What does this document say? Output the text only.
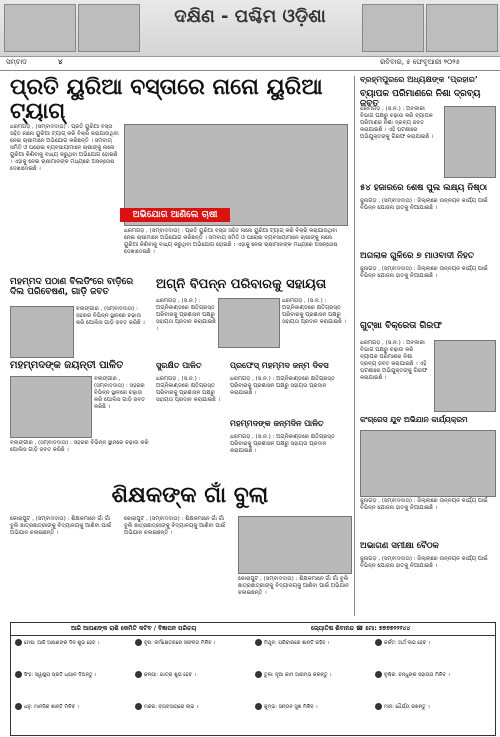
ଦକ୍ଷିଣ - ପଶ୍ଚିମ ଓଡ଼ିଶା
ସମ୍ବାଦ	୪	ରବିବାର, ୫ ଫେବୃଆରୀ ୨୦୨୫
ପ୍ରତି ୟୁରିଆ ବସ୍ତାରେ ନାନୋ ୟୁରିଆ ଟ୍ୟାଗ୍
ଧରମଗଡ଼ , (ସମ୍ବାଦଦାତା) : ପ୍ରତି ୟୁରିଆ ବସ୍ତା ସହିତ ନାନୋ ୟୁରିଆ ଟ୍ୟାଗ୍ କରି ବିକ୍ରି କରାଯାଉଥିବା ନେଇ ଚାଷୀମାନେ ଅଭିଯୋଗ କରିଛନ୍ତି । ସମବାୟ ସମିତି ଓ ଘରୋଇ ବ୍ୟବସାୟୀମାନେ ଚାଷୀଙ୍କୁ ନାନୋ ୟୁରିଆ କିଣିବାକୁ ବାଧ୍ୟ କରୁଥିବା ଅଭିଯୋଗ ହୋଇଛି । ଏହାକୁ ନେଇ ଚାଷୀମାନଙ୍କ ମଧ୍ୟରେ ଅସନ୍ତୋଷ ଦେଖାଦେଇଛି ।
ଅଭିଯୋଗ ଆଣିଲେ ଚାଷୀ
ଧରମଗଡ଼ , (ସମ୍ବାଦଦାତା) : ପ୍ରତି ୟୁରିଆ ବସ୍ତା ସହିତ ନାନୋ ୟୁରିଆ ଟ୍ୟାଗ୍ କରି ବିକ୍ରି କରାଯାଉଥିବା ନେଇ ଚାଷୀମାନେ ଅଭିଯୋଗ କରିଛନ୍ତି । ସମବାୟ ସମିତି ଓ ଘରୋଇ ବ୍ୟବସାୟୀମାନେ ଚାଷୀଙ୍କୁ ନାନୋ ୟୁରିଆ କିଣିବାକୁ ବାଧ୍ୟ କରୁଥିବା ଅଭିଯୋଗ ହୋଇଛି । ଏହାକୁ ନେଇ ଚାଷୀମାନଙ୍କ ମଧ୍ୟରେ ଅସନ୍ତୋଷ ଦେଖାଦେଇଛି ।
ବ୍ରହ୍ମପୁରରେ ଅଧ୍ୟକ୍ଷଙ୍କ ‘ପ୍ରହାର’
ବ୍ୟାପକ ପରିମାଣରେ ନିଶା ଦ୍ରବ୍ୟ ଜବତ
ଧରମଗଡ଼ , (ସ.ନ.) : ଅବକାରୀ ବିଭାଗ ପକ୍ଷରୁ ଚଢ଼ାଉ କରି ବ୍ୟାପକ ପରିମାଣର ନିଶା ଦ୍ରବ୍ୟ ଜବତ କରାଯାଇଛି । ଏହି ଘଟଣାରେ ଅଭିଯୁକ୍ତଙ୍କୁ ଗିରଫ କରାଯାଇଛି ।
୫୪ ହଜାରରେ ଶେଷ ପୁଲ ଲକ୍ଷ୍ୟ ନିଷ୍ଠା
ଜୁନାଗଡ଼ , (ସମ୍ବାଦଦାତା) : ଜିଲ୍ଲାରେ ଉନ୍ନୟନ କାର୍ଯ୍ୟ ପାଇଁ ବିଭିନ୍ନ ଯୋଜନା ହାତକୁ ନିଆଯାଇଛି ।
ଅଗଲାକ ଗୁଳିରେ ୭ ମାଓବାଦୀ ନିହତ
ଜୁନାଗଡ଼ , (ସମ୍ବାଦଦାତା) : ଜିଲ୍ଲାରେ ଉନ୍ନୟନ କାର୍ଯ୍ୟ ପାଇଁ ବିଭିନ୍ନ ଯୋଜନା ହାତକୁ ନିଆଯାଇଛି ।
ଗୁଟ୍ଖା ବିକ୍ରେତା ଗିରଫ
ଧରମଗଡ଼ , (ସ.ନ.) : ଅବକାରୀ ବିଭାଗ ପକ୍ଷରୁ ଚଢ଼ାଉ କରି ବ୍ୟାପକ ପରିମାଣର ନିଶା ଦ୍ରବ୍ୟ ଜବତ କରାଯାଇଛି । ଏହି ଘଟଣାରେ ଅଭିଯୁକ୍ତଙ୍କୁ ଗିରଫ କରାଯାଇଛି ।
କଂଗ୍ରେସ ଯୁବ ଅଭିଯାନ କାର୍ଯ୍ୟକ୍ରମ
ଜୁନାଗଡ଼ , (ସମ୍ବାଦଦାତା) : ଜିଲ୍ଲାରେ ଉନ୍ନୟନ କାର୍ଯ୍ୟ ପାଇଁ ବିଭିନ୍ନ ଯୋଜନା ହାତକୁ ନିଆଯାଇଛି ।
ଅଭାଗଣ ସମୀକ୍ଷା ବୈଠକ
ଜୁନାଗଡ଼ , (ସମ୍ବାଦଦାତା) : ଜିଲ୍ଲାରେ ଉନ୍ନୟନ କାର୍ଯ୍ୟ ପାଇଁ ବିଭିନ୍ନ ଯୋଜନା ହାତକୁ ନିଆଯାଇଛି ।
ମହମ୍ମଦ ପଠାଣ ବିଲଡିଂରେ ବାଡ଼ିରେ ଦିଲ ପରିବେଷଣ, ଗାଡ଼ି ଜବତ
ବଲାଙ୍ଗୀର , (ସମ୍ବାଦଦାତା) : ସହରର ବିଭିନ୍ନ ସ୍ଥାନରେ ଚଢ଼ାଉ କରି ପୋଲିସ ଗାଡ଼ି ଜବତ କରିଛି ।
ମହମ୍ମଦଙ୍କ ଜୟନ୍ତୀ ପାଳିତ
ବଲାଙ୍ଗୀର , (ସମ୍ବାଦଦାତା) : ସହରର ବିଭିନ୍ନ ସ୍ଥାନରେ ଚଢ଼ାଉ କରି ପୋଲିସ ଗାଡ଼ି ଜବତ କରିଛି ।
ବଲାଙ୍ଗୀର , (ସମ୍ବାଦଦାତା) : ସହରର ବିଭିନ୍ନ ସ୍ଥାନରେ ଚଢ଼ାଉ କରି ପୋଲିସ ଗାଡ଼ି ଜବତ କରିଛି ।
ଅଗ୍ନି ବିପନ୍ନ ପରିବାରକୁ ସହାୟତା
ଧରମଗଡ଼ , (ସ.ନ.) : ଅଗ୍ନିକାଣ୍ଡରେ କ୍ଷତିଗ୍ରସ୍ତ ପରିବାରକୁ ପ୍ରଶାସନ ପକ୍ଷରୁ ସହାୟତା ପ୍ରଦାନ କରାଯାଇଛି ।
ଧରମଗଡ଼ , (ସ.ନ.) : ଅଗ୍ନିକାଣ୍ଡରେ କ୍ଷତିଗ୍ରସ୍ତ ପରିବାରକୁ ପ୍ରଶାସନ ପକ୍ଷରୁ ସହାୟତା ପ୍ରଦାନ କରାଯାଇଛି ।
ସୁରକ୍ଷିତ ପାଳିତ
ଧରମଗଡ଼ , (ସ.ନ.) : ଅଗ୍ନିକାଣ୍ଡରେ କ୍ଷତିଗ୍ରସ୍ତ ପରିବାରକୁ ପ୍ରଶାସନ ପକ୍ଷରୁ ସହାୟତା ପ୍ରଦାନ କରାଯାଇଛି ।
ପ୍ରଫେସ୍ ମହମ୍ମଦ ଜନ୍ମ ଦିବସ
ଧରମଗଡ଼ , (ସ.ନ.) : ଅଗ୍ନିକାଣ୍ଡରେ କ୍ଷତିଗ୍ରସ୍ତ ପରିବାରକୁ ପ୍ରଶାସନ ପକ୍ଷରୁ ସହାୟତା ପ୍ରଦାନ କରାଯାଇଛି ।
ମହମ୍ମଦଙ୍କ ଜନ୍ମଦିନ ପାଳିତ
ଧରମଗଡ଼ , (ସ.ନ.) : ଅଗ୍ନିକାଣ୍ଡରେ କ୍ଷତିଗ୍ରସ୍ତ ପରିବାରକୁ ପ୍ରଶାସନ ପକ୍ଷରୁ ସହାୟତା ପ୍ରଦାନ କରାଯାଇଛି ।
ଶିକ୍ଷକଙ୍କ ଗାଁ ବୁଲା
କୋରାପୁଟ , (ସମ୍ବାଦଦାତା) : ଶିକ୍ଷକମାନେ ଗାଁ ଗାଁ ବୁଲି ଛାତ୍ରଛାତ୍ରୀଙ୍କୁ ବିଦ୍ୟାଳୟକୁ ଆଣିବା ପାଇଁ ଅଭିଯାନ ଚଳାଇଛନ୍ତି ।
କୋରାପୁଟ , (ସମ୍ବାଦଦାତା) : ଶିକ୍ଷକମାନେ ଗାଁ ଗାଁ ବୁଲି ଛାତ୍ରଛାତ୍ରୀଙ୍କୁ ବିଦ୍ୟାଳୟକୁ ଆଣିବା ପାଇଁ ଅଭିଯାନ ଚଳାଇଛନ୍ତି ।
କୋରାପୁଟ , (ସମ୍ବାଦଦାତା) : ଶିକ୍ଷକମାନେ ଗାଁ ଗାଁ ବୁଲି ଛାତ୍ରଛାତ୍ରୀଙ୍କୁ ବିଦ୍ୟାଳୟକୁ ଆଣିବା ପାଇଁ ଅଭିଯାନ ଚଳାଇଛନ୍ତି ।
ଆଜି ଆପଣଙ୍କ ରାଶି କେମିତି କଟିବ / ବିଜ୍ଞାପନ ପରିଚୟ	ଜ୍ୟୋତିଷ ଶିବାନନ୍ଦ ☎ ମୋ: ୭୭୭୭୨୨୨୪୪
ମେଷ: ଆଜି ଆପଣଙ୍କ ଦିନ ଶୁଭ ହେବ ।	ବୃଷ: କର୍ମକ୍ଷେତ୍ରରେ ସଫଳତା ମିଳିବ ।	ମିଥୁନ: ପରିବାରରେ ଶାନ୍ତି ରହିବ ।	କର୍କଟ: ଅର୍ଥ ଲାଭ ହେବ ।
ସିଂହ: ସ୍ୱାସ୍ଥ୍ୟ ପ୍ରତି ଧ୍ୟାନ ଦିଅନ୍ତୁ ।	କନ୍ୟା: ଯାତ୍ରା ଶୁଭ ହେବ ।	ତୁଳା: ନୂଆ କାମ ଆରମ୍ଭ କରନ୍ତୁ ।	ବୃଶ୍ଚିକ: ବନ୍ଧୁଙ୍କ ସହାୟତା ମିଳିବ ।
ଧନୁ: ମାନସିକ ଶାନ୍ତି ମିଳିବ ।	ମକର: ବ୍ୟବସାୟରେ ଲାଭ ।	କୁମ୍ଭ: ସନ୍ତାନ ସୁଖ ମିଳିବ ।	ମୀନ: ଧୈର୍ଯ୍ୟ ରଖନ୍ତୁ ।
